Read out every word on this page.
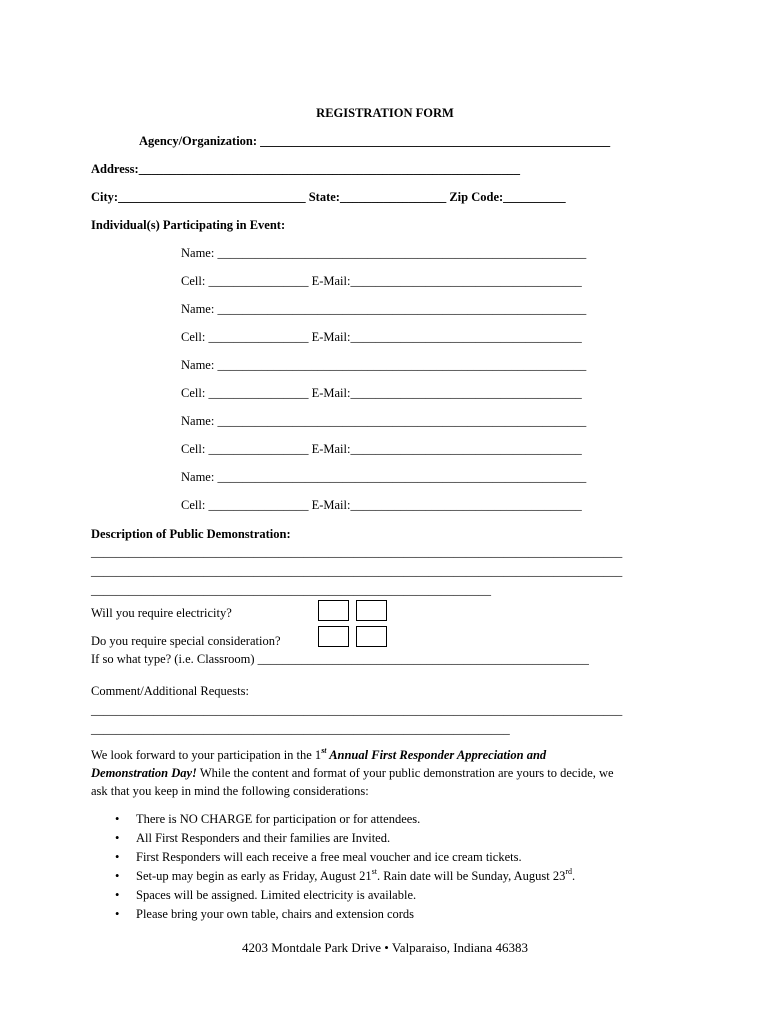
REGISTRATION FORM
Agency/Organization: ________________________________________________________
Address:_____________________________________________________________
City:______________________________ State:_________________ Zip Code:__________
Individual(s) Participating in Event:
Name: ___________________________________________________________
Cell: ________________ E-Mail:_____________________________________
Name: ___________________________________________________________
Cell: ________________ E-Mail:_____________________________________
Name: ___________________________________________________________
Cell: ________________ E-Mail:_____________________________________
Name: ___________________________________________________________
Cell: ________________ E-Mail:_____________________________________
Name: ___________________________________________________________
Cell: ________________ E-Mail:_____________________________________
Description of Public Demonstration:
_____________________________________________________________________________________
_____________________________________________________________________________________
________________________________________________________________
Will you require electricity?
Do you require special consideration?
If so what type? (i.e. Classroom) _____________________________________________________
Comment/Additional Requests:
_____________________________________________________________________________________
___________________________________________________________________
We look forward to your participation in the 1st Annual First Responder Appreciation and
Demonstration Day! While the content and format of your public demonstration are yours to decide, we
ask that you keep in mind the following considerations:
• There is NO CHARGE for participation or for attendees.
• All First Responders and their families are Invited.
• First Responders will each receive a free meal voucher and ice cream tickets.
• Set-up may begin as early as Friday, August 21st. Rain date will be Sunday, August 23rd.
• Spaces will be assigned. Limited electricity is available.
• Please bring your own table, chairs and extension cords
4203 Montdale Park Drive • Valparaiso, Indiana 46383
